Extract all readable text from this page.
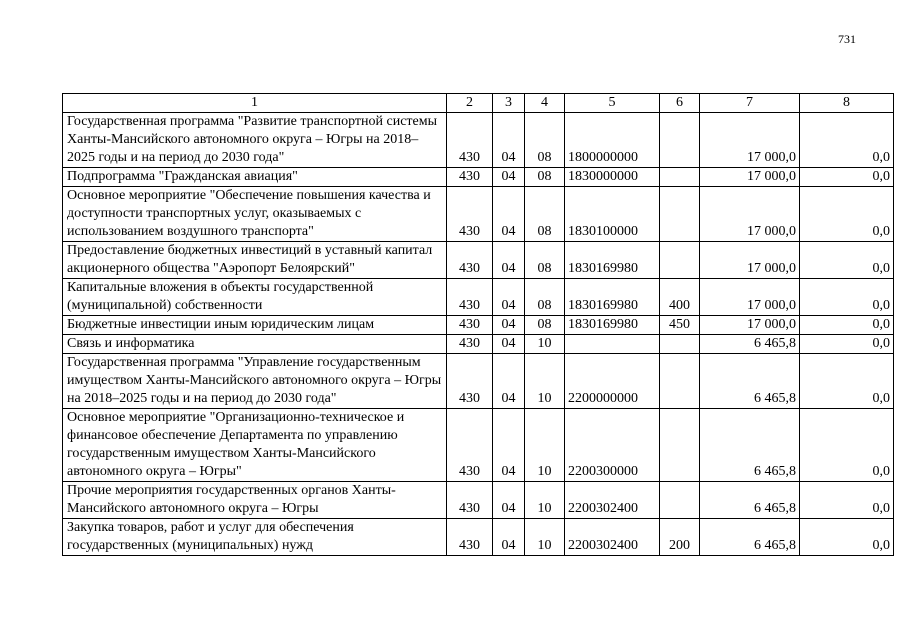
731
1	2	3	4	5	6	7	8
Государственная программа "Развитие транспортной системы Ханты-Мансийского автономного округа – Югры на 2018–2025 годы и на период до 2030 года"	430	04	08	1800000000		17 000,0	0,0
Подпрограмма "Гражданская авиация"	430	04	08	1830000000		17 000,0	0,0
Основное мероприятие "Обеспечение повышения качества и доступности транспортных услуг, оказываемых с использованием воздушного транспорта"	430	04	08	1830100000		17 000,0	0,0
Предоставление бюджетных инвестиций в уставный капитал акционерного общества "Аэропорт Белоярский"	430	04	08	1830169980		17 000,0	0,0
Капитальные вложения в объекты государственной (муниципальной) собственности	430	04	08	1830169980	400	17 000,0	0,0
Бюджетные инвестиции иным юридическим лицам	430	04	08	1830169980	450	17 000,0	0,0
Связь и информатика	430	04	10			6 465,8	0,0
Государственная программа "Управление государственным имуществом Ханты-Мансийского автономного округа – Югры на 2018–2025 годы и на период до 2030 года"	430	04	10	2200000000		6 465,8	0,0
Основное мероприятие "Организационно-техническое и финансовое обеспечение Департамента по управлению государственным имуществом Ханты-Мансийского автономного округа – Югры"	430	04	10	2200300000		6 465,8	0,0
Прочие мероприятия государственных органов Ханты-Мансийского автономного округа – Югры	430	04	10	2200302400		6 465,8	0,0
Закупка товаров, работ и услуг для обеспечения государственных (муниципальных) нужд	430	04	10	2200302400	200	6 465,8	0,0
